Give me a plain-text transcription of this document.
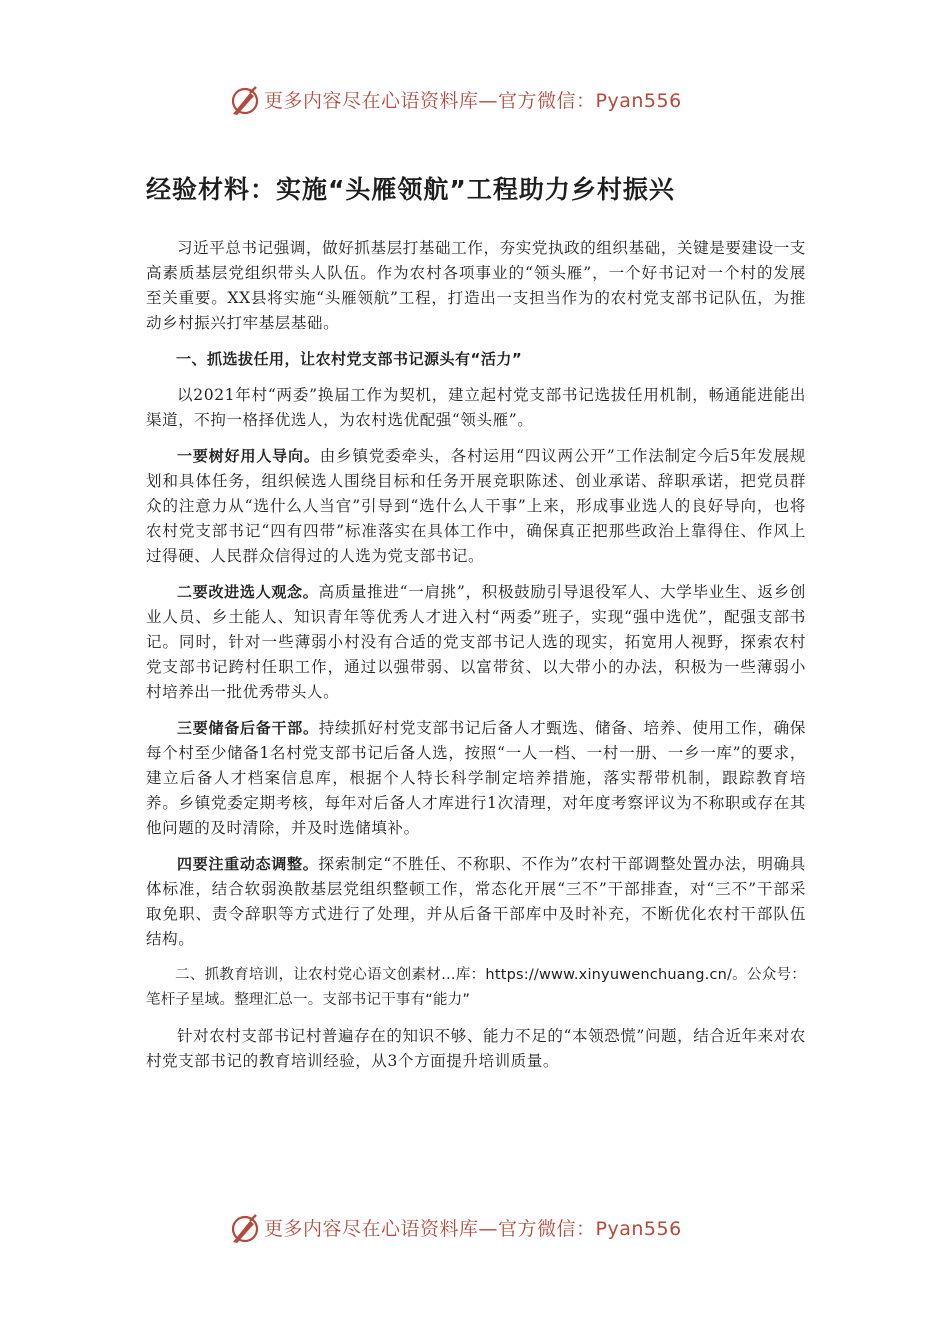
更多内容尽在心语资料库—官方微信：Pyan556
经验材料：实施“头雁领航”工程助力乡村振兴

习近平总书记强调，做好抓基层打基础工作，夯实党执政的组织基础，关键是要建设一支高素质基层党组织带头人队伍。作为农村各项事业的“领头雁”，一个好书记对一个村的发展至关重要。XX县将实施“头雁领航”工程，打造出一支担当作为的农村党支部书记队伍，为推动乡村振兴打牢基层基础。

一、抓选拔任用，让农村党支部书记源头有“活力”

以2021年村“两委”换届工作为契机，建立起村党支部书记选拔任用机制，畅通能进能出渠道，不拘一格择优选人，为农村选优配强“领头雁”。

一要树好用人导向。由乡镇党委牵头，各村运用“四议两公开”工作法制定今后5年发展规划和具体任务，组织候选人围绕目标和任务开展竞职陈述、创业承诺、辞职承诺，把党员群众的注意力从“选什么人当官”引导到“选什么人干事”上来，形成事业选人的良好导向，也将农村党支部书记“四有四带”标准落实在具体工作中，确保真正把那些政治上靠得住、作风上过得硬、人民群众信得过的人选为党支部书记。

二要改进选人观念。高质量推进“一肩挑”，积极鼓励引导退役军人、大学毕业生、返乡创业人员、乡土能人、知识青年等优秀人才进入村“两委”班子，实现“强中选优”，配强支部书记。同时，针对一些薄弱小村没有合适的党支部书记人选的现实，拓宽用人视野，探索农村党支部书记跨村任职工作，通过以强带弱、以富带贫、以大带小的办法，积极为一些薄弱小村培养出一批优秀带头人。

三要储备后备干部。持续抓好村党支部书记后备人才甄选、储备、培养、使用工作，确保每个村至少储备1名村党支部书记后备人选，按照“一人一档、一村一册、一乡一库”的要求，建立后备人才档案信息库，根据个人特长科学制定培养措施，落实帮带机制，跟踪教育培养。乡镇党委定期考核，每年对后备人才库进行1次清理，对年度考察评议为不称职或存在其他问题的及时清除，并及时选储填补。

四要注重动态调整。探索制定“不胜任、不称职、不作为”农村干部调整处置办法，明确具体标准，结合软弱涣散基层党组织整顿工作，常态化开展“三不”干部排查，对“三不”干部采取免职、责令辞职等方式进行了处理，并从后备干部库中及时补充，不断优化农村干部队伍结构。

二、抓教育培训，让农村党心语文创素材…库：https://www.xinyuwenchuang.cn/。公众号：笔杆子星域。整理汇总一。支部书记干事有“能力”

针对农村支部书记村普遍存在的知识不够、能力不足的“本领恐慌”问题，结合近年来对农村党支部书记的教育培训经验，从3个方面提升培训质量。

更多内容尽在心语资料库—官方微信：Pyan556
